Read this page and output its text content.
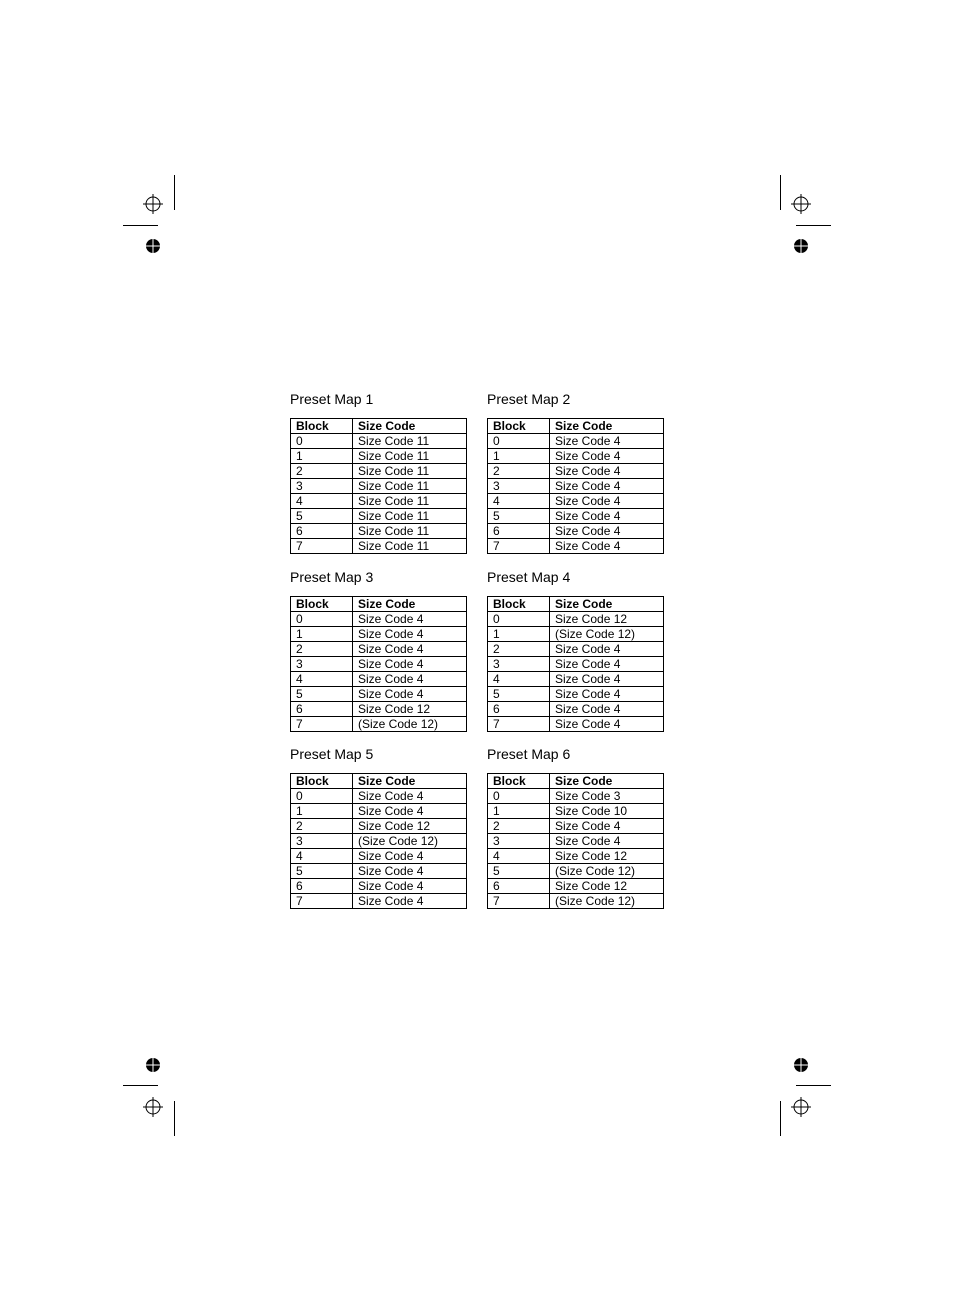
Preset Map 1
Block	Size Code
0	Size Code 11
1	Size Code 11
2	Size Code 11
3	Size Code 11
4	Size Code 11
5	Size Code 11
6	Size Code 11
7	Size Code 11
Preset Map 2
Block	Size Code
0	Size Code 4
1	Size Code 4
2	Size Code 4
3	Size Code 4
4	Size Code 4
5	Size Code 4
6	Size Code 4
7	Size Code 4
Preset Map 3
Block	Size Code
0	Size Code 4
1	Size Code 4
2	Size Code 4
3	Size Code 4
4	Size Code 4
5	Size Code 4
6	Size Code 12
7	(Size Code 12)
Preset Map 4
Block	Size Code
0	Size Code 12
1	(Size Code 12)
2	Size Code 4
3	Size Code 4
4	Size Code 4
5	Size Code 4
6	Size Code 4
7	Size Code 4
Preset Map 5
Block	Size Code
0	Size Code 4
1	Size Code 4
2	Size Code 12
3	(Size Code 12)
4	Size Code 4
5	Size Code 4
6	Size Code 4
7	Size Code 4
Preset Map 6
Block	Size Code
0	Size Code 3
1	Size Code 10
2	Size Code 4
3	Size Code 4
4	Size Code 12
5	(Size Code 12)
6	Size Code 12
7	(Size Code 12)
